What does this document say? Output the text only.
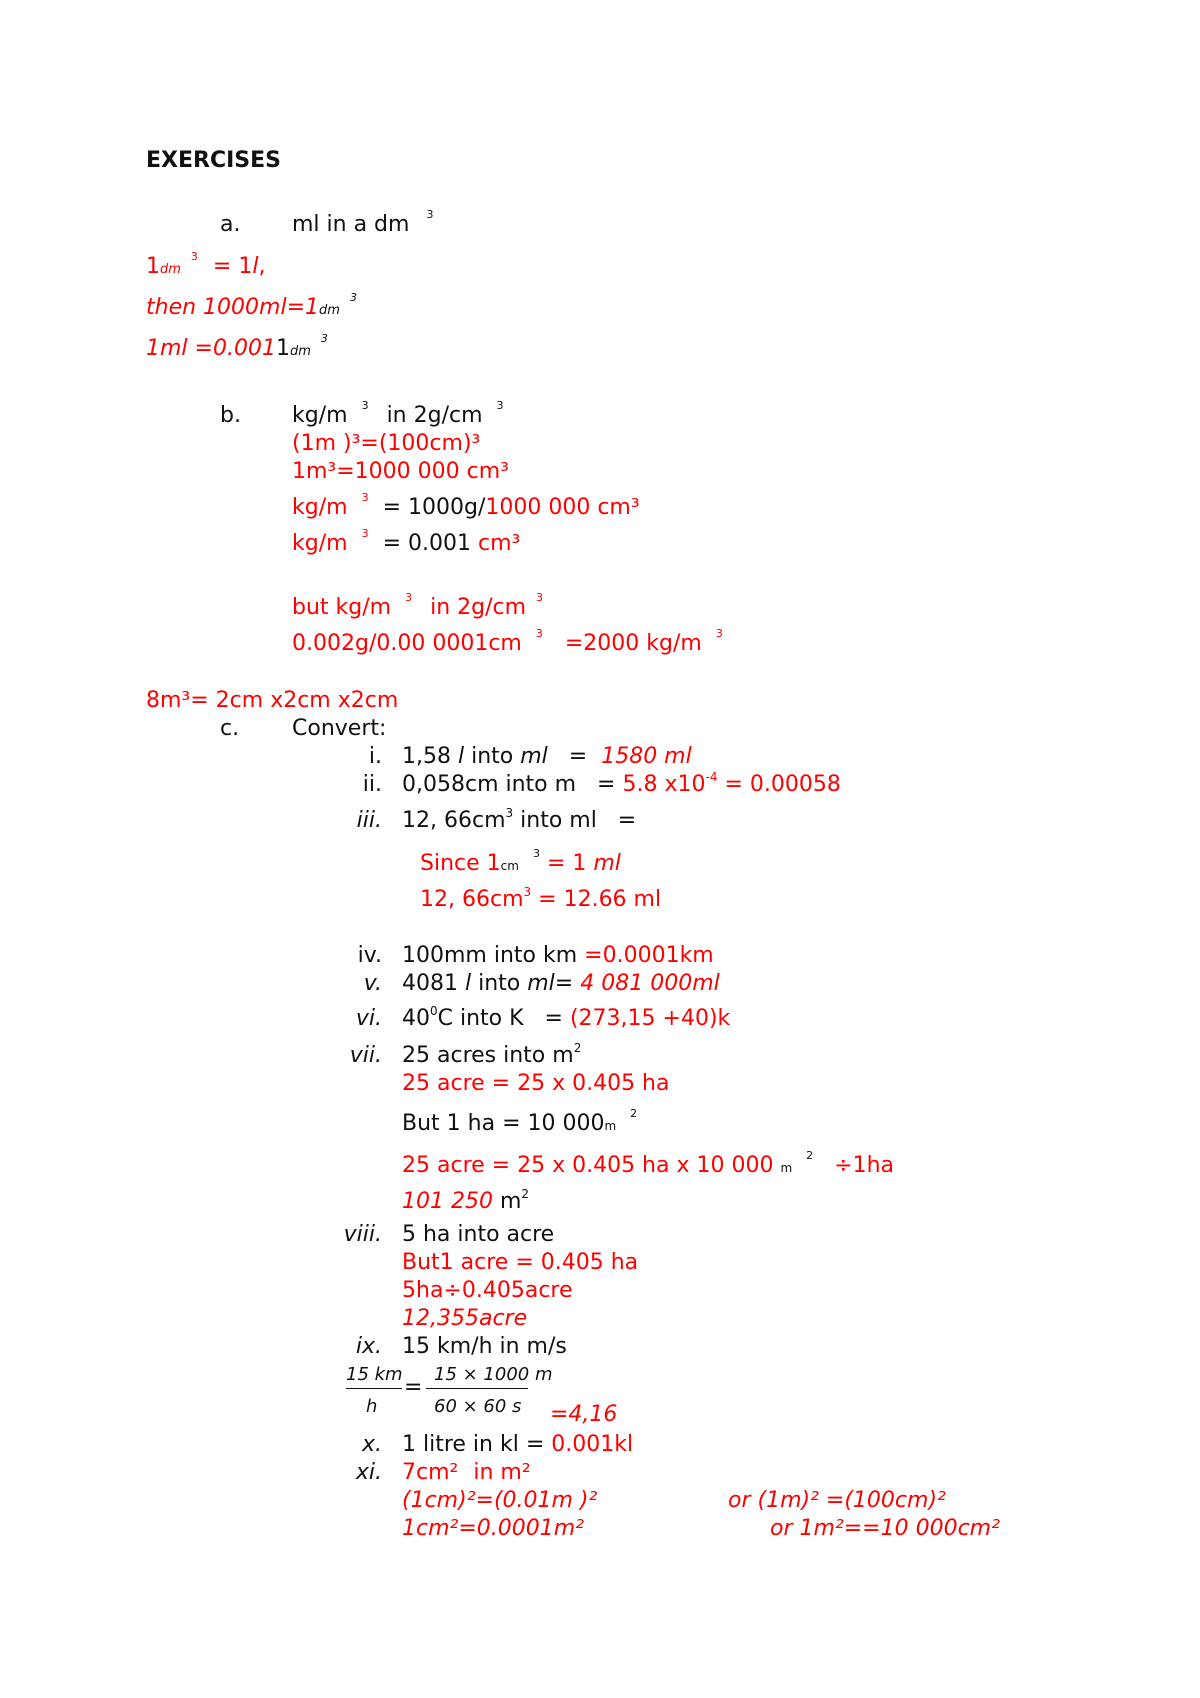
EXERCISES
a. ml in a dm $^3$
$1dm^3 = 1l$,
then $1000ml=1dm^3$
$1ml =0.0011dm^3$
b. kg/m $^3$ in 2g/cm $^3$
(1m )³=(100cm)³
1m³=1000 000 cm³
kg/m $^3$ = 1000g/1000 000 cm³
kg/m $^3$ = 0.001 cm³
but kg/m $^3$ in 2g/cm $^3$
0.002g/0.00 0001cm $^3$ =2000 kg/m $^3$
8m³= 2cm x2cm x2cm
c. Convert:
i. 1,58 l into ml   =  1580 ml
ii. 0,058cm into m   = 5.8 $x10^{-4} = 0.00058$
iii. 12, $66cm^3$ into ml   =
Since $1cm^3 = 1$ ml
12, $66cm^3 = 12.66$ ml
iv. 100mm into km =0.0001km
v. 4081 l into ml= 4 081 000ml
vi. $40^0C$ into K   = (273,15 +40)k
vii. 25 acres into $m^2$
25 acre = 25 x 0.405 ha
But 1 ha = 10 $000m^2$
25 acre = 25 x 0.405 ha x 10 000 $m^2 \div 1ha$
101 250 $m^2$
viii. 5 ha into acre
But1 acre = 0.405 ha
5ha÷0.405acre
12,355acre
ix. 15 km/h in m/s
15 km
h
=
15 × 1000 m
60 × 60 s =4,16
x. 1 litre in kl = 0.001kl
xi. 7cm² in m²
(1cm)²=(0.01m )²	or (1m)² =(100cm)²
1cm²=0.0001m²	or 1m²==10 000cm²
